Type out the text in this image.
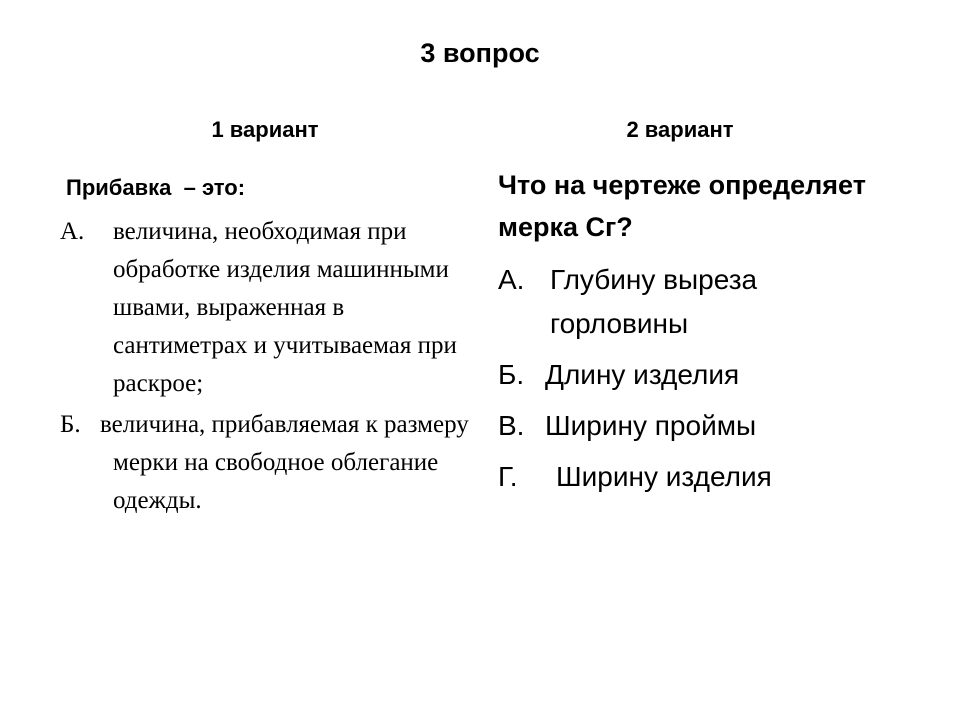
3 вопрос
1 вариант	2 вариант
Прибавка  – это:
А.	величина, необходимая при обработке изделия машинными швами, выраженная в сантиметрах и учитываемая при раскрое;
Б. величина, прибавляемая к размеру мерки на свободное облегание одежды.
Что на чертеже определяет мерка Сг?
А. Глубину выреза горловины
Б. Длину изделия
В. Ширину проймы
Г.	Ширину изделия
